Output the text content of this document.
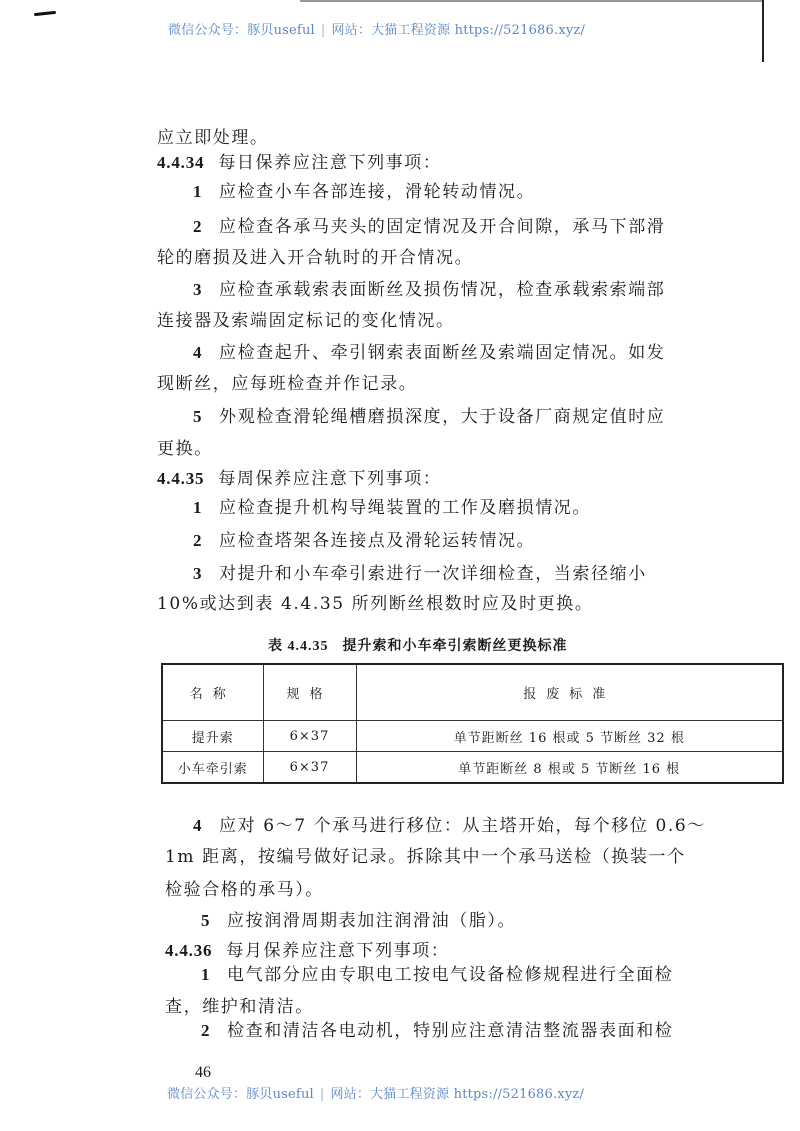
微信公众号：豚贝useful | 网站：大猫工程资源 https://521686.xyz/
应立即处理。
4.4.34 每日保养应注意下列事项：
1 应检查小车各部连接，滑轮转动情况。
2 应检查各承马夹头的固定情况及开合间隙，承马下部滑
轮的磨损及进入开合轨时的开合情况。
3 应检查承载索表面断丝及损伤情况，检查承载索索端部
连接器及索端固定标记的变化情况。
4 应检查起升、牵引钢索表面断丝及索端固定情况。如发
现断丝，应每班检查并作记录。
5 外观检查滑轮绳槽磨损深度，大于设备厂商规定值时应
更换。
4.4.35 每周保养应注意下列事项：
1 应检查提升机构导绳装置的工作及磨损情况。
2 应检查塔架各连接点及滑轮运转情况。
3 对提升和小车牵引索进行一次详细检查，当索径缩小
10%或达到表 4.4.35 所列断丝根数时应及时更换。
表 4.4.35 提升索和小车牵引索断丝更换标准
名称	规格	报废标准
提升索	6×37	单节距断丝 16 根或 5 节断丝 32 根
小车牵引索	6×37	单节距断丝 8 根或 5 节断丝 16 根
4 应对 6～7 个承马进行移位：从主塔开始，每个移位 0.6～
1m 距离，按编号做好记录。拆除其中一个承马送检（换装一个
检验合格的承马）。
5 应按润滑周期表加注润滑油（脂）。
4.4.36 每月保养应注意下列事项：
1 电气部分应由专职电工按电气设备检修规程进行全面检
查，维护和清洁。
2 检查和清洁各电动机，特别应注意清洁整流器表面和检
46
微信公众号：豚贝useful | 网站：大猫工程资源 https://521686.xyz/
